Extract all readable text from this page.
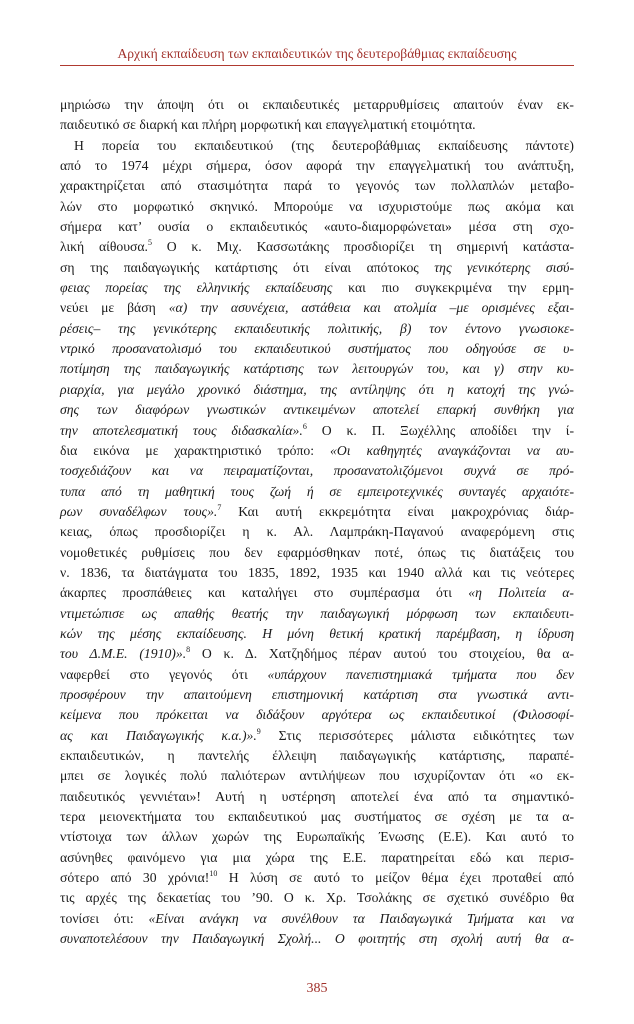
Αρχική εκπαίδευση των εκπαιδευτικών της δευτεροβάθμιας εκπαίδευσης
μηριώσω την άποψη ότι οι εκπαιδευτικές μεταρρυθμίσεις απαιτούν έναν εκ-
παιδευτικό σε διαρκή και πλήρη μορφωτική και επαγγελματική ετοιμότητα.
Η πορεία του εκπαιδευτικού (της δευτεροβάθμιας εκπαίδευσης πάντοτε)
από το 1974 μέχρι σήμερα, όσον αφορά την επαγγελματική του ανάπτυξη,
χαρακτηρίζεται από στασιμότητα παρά το γεγονός των πολλαπλών μεταβο-
λών στο μορφωτικό σκηνικό. Μπορούμε να ισχυριστούμε πως ακόμα και
σήμερα κατ’ ουσία ο εκπαιδευτικός «αυτο-διαμορφώνεται» μέσα στη σχο-
λική αίθουσα.$^5$ Ο κ. Μιχ. Κασσωτάκης προσδιορίζει τη σημερινή κατάστα-
ση της παιδαγωγικής κατάρτισης ότι είναι απότοκος της γενικότερης σισύ-
φειας πορείας της ελληνικής εκπαίδευσης και πιο συγκεκριμένα την ερμη-
νεύει με βάση «α) την ασυνέχεια, αστάθεια και ατολμία –με ορισμένες εξαι-
ρέσεις– της γενικότερης εκπαιδευτικής πολιτικής, β) τον έντονο γνωσιοκε-
ντρικό προσανατολισμό του εκπαιδευτικού συστήματος που οδηγούσε σε υ-
ποτίμηση της παιδαγωγικής κατάρτισης των λειτουργών του, και γ) στην κυ-
ριαρχία, για μεγάλο χρονικό διάστημα, της αντίληψης ότι η κατοχή της γνώ-
σης των διαφόρων γνωστικών αντικειμένων αποτελεί επαρκή συνθήκη για
την αποτελεσματική τους διδασκαλία».$^6$ Ο κ. Π. Ξωχέλλης αποδίδει την ί-
δια εικόνα με χαρακτηριστικό τρόπο: «Οι καθηγητές αναγκάζονται να αυ-
τοσχεδιάζουν και να πειραματίζονται, προσανατολιζόμενοι συχνά σε πρό-
τυπα από τη μαθητική τους ζωή ή σε εμπειροτεχνικές συνταγές αρχαιότε-
ρων συναδέλφων τους».$^7$ Και αυτή εκκρεμότητα είναι μακροχρόνιας διάρ-
κειας, όπως προσδιορίζει η κ. Αλ. Λαμπράκη-Παγανού αναφερόμενη στις
νομοθετικές ρυθμίσεις που δεν εφαρμόσθηκαν ποτέ, όπως τις διατάξεις του
ν. 1836, τα διατάγματα του 1835, 1892, 1935 και 1940 αλλά και τις νεότερες
άκαρπες προσπάθειες και καταλήγει στο συμπέρασμα ότι «η Πολιτεία α-
ντιμετώπισε ως απαθής θεατής την παιδαγωγική μόρφωση των εκπαιδευτι-
κών της μέσης εκπαίδευσης. Η μόνη θετική κρατική παρέμβαση, η ίδρυση
του Δ.Μ.Ε. (1910)».$^8$ Ο κ. Δ. Χατζηδήμος πέραν αυτού του στοιχείου, θα α-
ναφερθεί στο γεγονός ότι «υπάρχουν πανεπιστημιακά τμήματα που δεν
προσφέρουν την απαιτούμενη επιστημονική κατάρτιση στα γνωστικά αντι-
κείμενα που πρόκειται να διδάξουν αργότερα ως εκπαιδευτικοί (Φιλοσοφί-
ας και Παιδαγωγικής κ.α.)».$^9$ Στις περισσότερες μάλιστα ειδικότητες των
εκπαιδευτικών, η παντελής έλλειψη παιδαγωγικής κατάρτισης, παραπέ-
μπει σε λογικές πολύ παλιότερων αντιλήψεων που ισχυρίζονταν ότι «ο εκ-
παιδευτικός γεννιέται»! Αυτή η υστέρηση αποτελεί ένα από τα σημαντικό-
τερα μειονεκτήματα του εκπαιδευτικού μας συστήματος σε σχέση με τα α-
ντίστοιχα των άλλων χωρών της Ευρωπαϊκής Ένωσης (Ε.Ε). Και αυτό το
ασύνηθες φαινόμενο για μια χώρα της Ε.Ε. παρατηρείται εδώ και περισ-
σότερο από 30 χρόνια!$^{10}$ Η λύση σε αυτό το μείζον θέμα έχει προταθεί από
τις αρχές της δεκαετίας του ’90. Ο κ. Χρ. Τσολάκης σε σχετικό συνέδριο θα
τονίσει ότι: «Είναι ανάγκη να συνέλθουν τα Παιδαγωγικά Τμήματα και να
συναποτελέσουν την Παιδαγωγική Σχολή... Ο φοιτητής στη σχολή αυτή θα α-
385
